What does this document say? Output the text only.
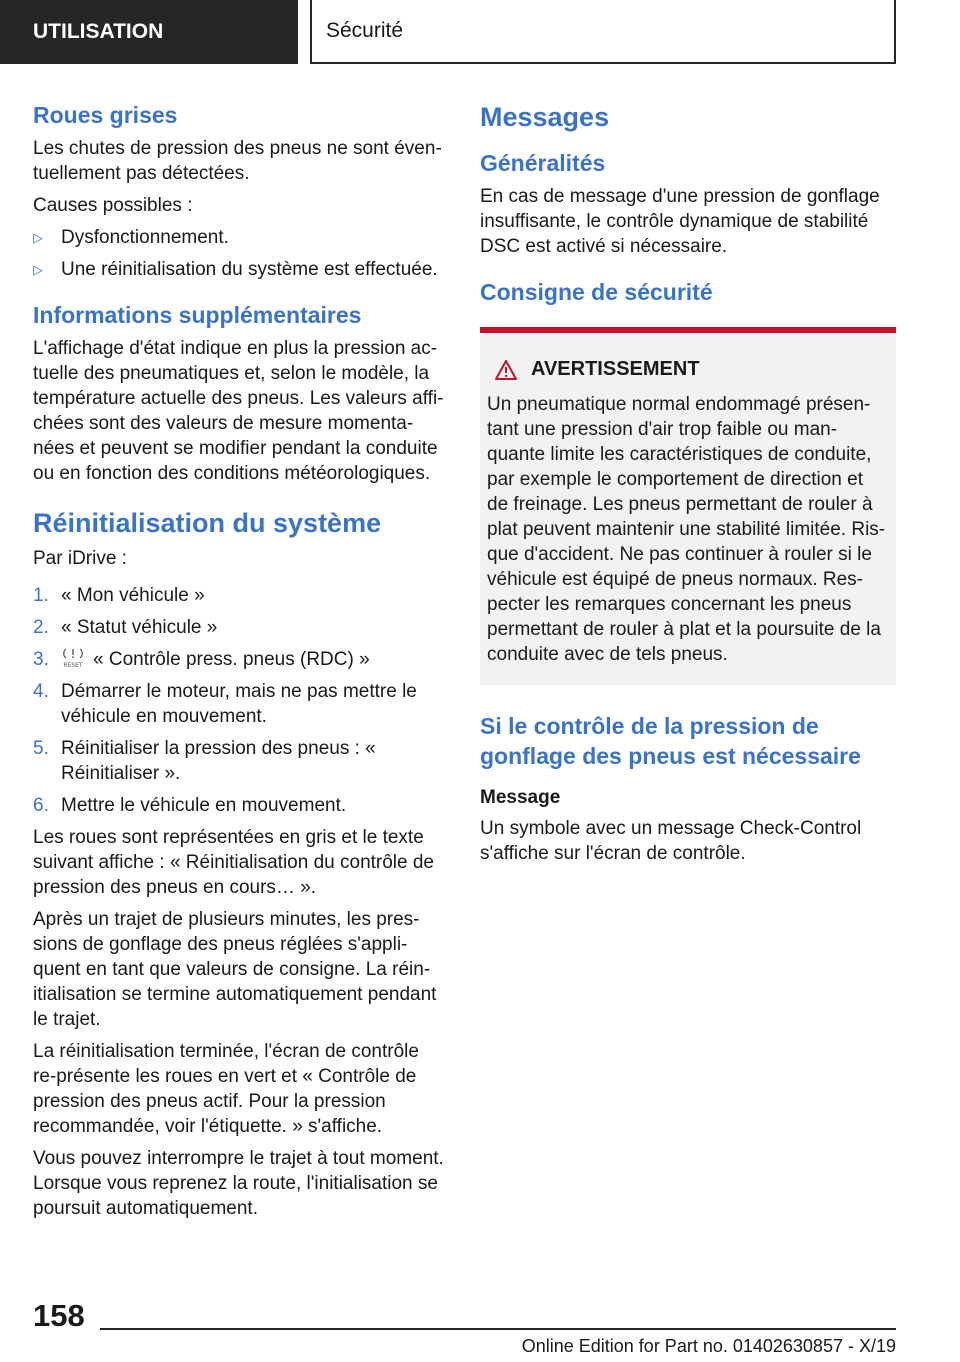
UTILISATION	Sécurité
Roues grises

Les chutes de pression des pneus ne sont éven-tuellement pas détectées.

Causes possibles :

▷ Dysfonctionnement.
▷ Une réinitialisation du système est effectuée.
Informations supplémentaires

L'affichage d'état indique en plus la pression ac-tuelle des pneumatiques et, selon le modèle, la température actuelle des pneus. Les valeurs affi-chées sont des valeurs de mesure momenta-nées et peuvent se modifier pendant la conduite ou en fonction des conditions météorologiques.

Réinitialisation du système

Par iDrive :

1. « Mon véhicule »
2. « Statut véhicule »
3.	RESET « Contrôle press. pneus (RDC) »
4. Démarrer le moteur, mais ne pas mettre le véhicule en mouvement.
5. Réinitialiser la pression des pneus : « Réinitialiser ».
6. Mettre le véhicule en mouvement.

Les roues sont représentées en gris et le texte suivant affiche : « Réinitialisation du contrôle de pression des pneus en cours… ».

Après un trajet de plusieurs minutes, les pres-sions de gonflage des pneus réglées s'appli-quent en tant que valeurs de consigne. La réin-itialisation se termine automatiquement pendant le trajet.

La réinitialisation terminée, l'écran de contrôle re-présente les roues en vert et « Contrôle de pression des pneus actif. Pour la pression recommandée, voir l'étiquette. » s'affiche.

Vous pouvez interrompre le trajet à tout moment. Lorsque vous reprenez la route, l'initialisation se poursuit automatiquement.

Messages
Généralités

En cas de message d'une pression de gonflage insuffisante, le contrôle dynamique de stabilité DSC est activé si nécessaire.

Consigne de sécurité
AVERTISSEMENT

Un pneumatique normal endommagé présen-tant une pression d'air trop faible ou man-quante limite les caractéristiques de conduite, par exemple le comportement de direction et de freinage. Les pneus permettant de rouler à plat peuvent maintenir une stabilité limitée. Ris-que d'accident. Ne pas continuer à rouler si le véhicule est équipé de pneus normaux. Res-pecter les remarques concernant les pneus permettant de rouler à plat et la poursuite de la conduite avec de tels pneus.

Si le contrôle de la pression de gonflage des pneus est nécessaire

Message

Un symbole avec un message Check-Control s'affiche sur l'écran de contrôle.

158
Online Edition for Part no. 01402630857 - X/19
